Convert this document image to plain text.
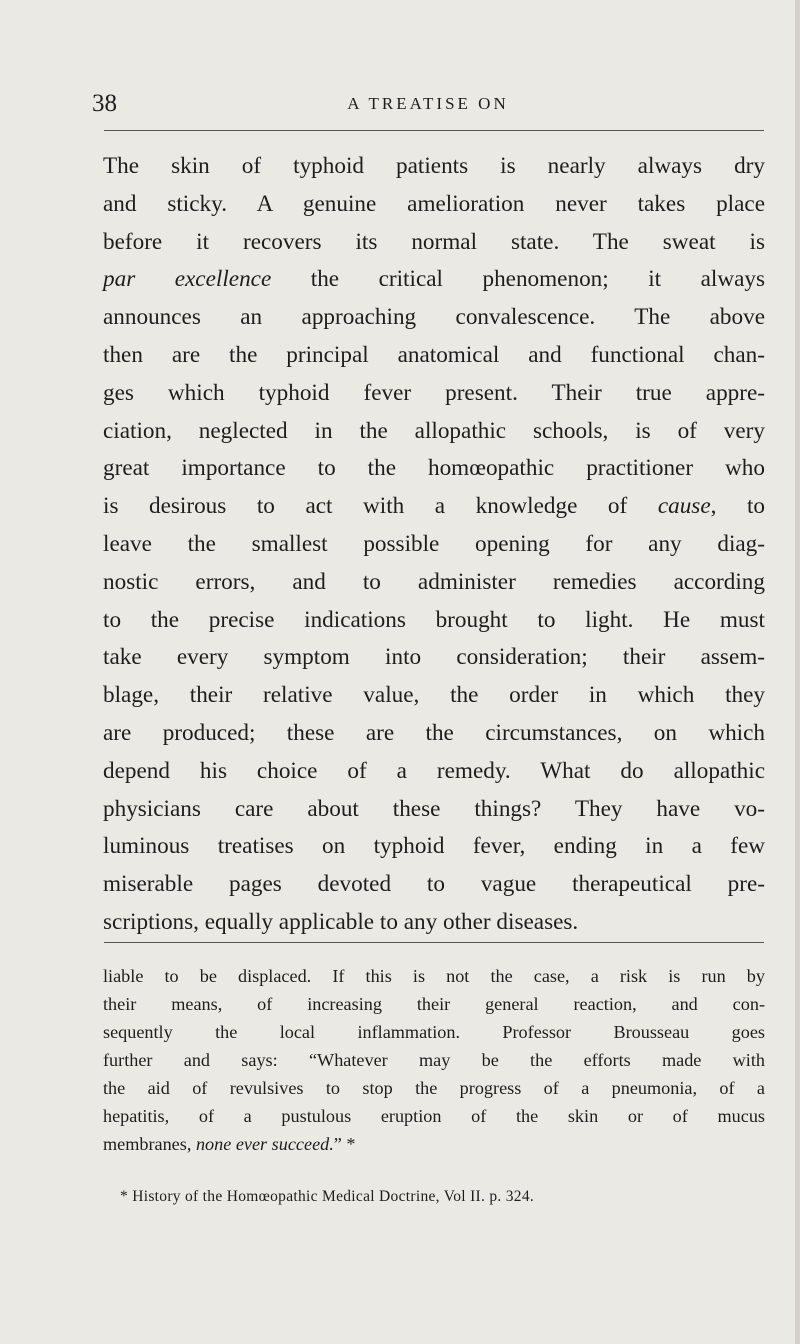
38	A TREATISE ON
The skin of typhoid patients is nearly always dry
and sticky. A genuine amelioration never takes place
before it recovers its normal state. The sweat is
par excellence the critical phenomenon; it always
announces an approaching convalescence. The above
then are the principal anatomical and functional chan-
ges which typhoid fever present. Their true appre-
ciation, neglected in the allopathic schools, is of very
great importance to the homœopathic practitioner who
is desirous to act with a knowledge of cause, to
leave the smallest possible opening for any diag-
nostic errors, and to administer remedies according
to the precise indications brought to light. He must
take every symptom into consideration; their assem-
blage, their relative value, the order in which they
are produced; these are the circumstances, on which
depend his choice of a remedy. What do allopathic
physicians care about these things? They have vo-
luminous treatises on typhoid fever, ending in a few
miserable pages devoted to vague therapeutical pre-
scriptions, equally applicable to any other diseases.
liable to be displaced. If this is not the case, a risk is run by
their means, of increasing their general reaction, and con-
sequently the local inflammation. Professor Brousseau goes
further and says: “Whatever may be the efforts made with
the aid of revulsives to stop the progress of a pneumonia, of a
hepatitis, of a pustulous eruption of the skin or of mucus
membranes, none ever succeed.” *
* History of the Homœopathic Medical Doctrine, Vol II. p. 324.
